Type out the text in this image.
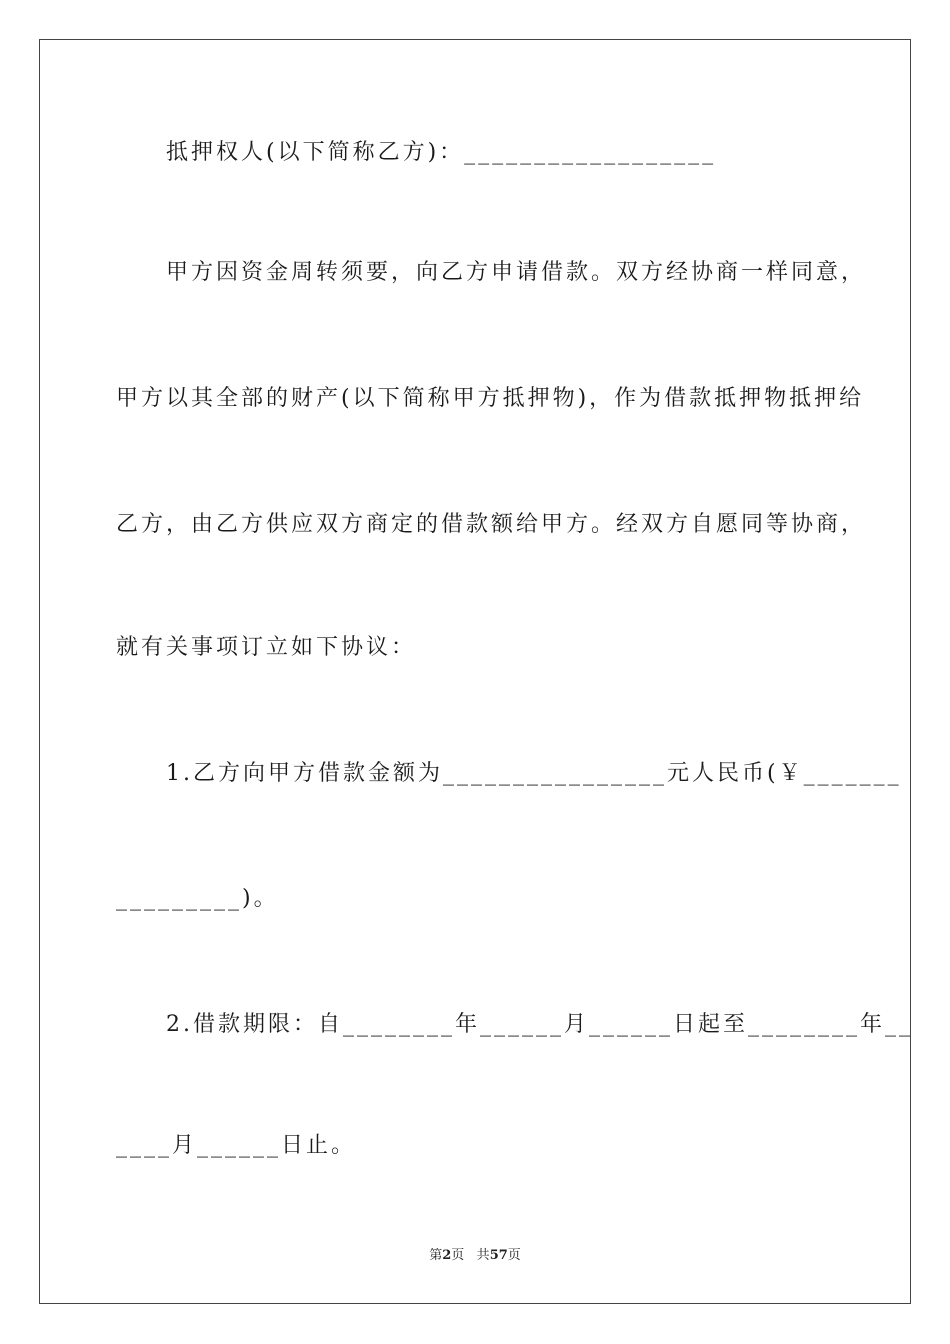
抵押权人(以下简称乙方)：__________________
甲方因资金周转须要，向乙方申请借款。双方经协商一样同意，
甲方以其全部的财产(以下简称甲方抵押物)，作为借款抵押物抵押给
乙方，由乙方供应双方商定的借款额给甲方。经双方自愿同等协商，
就有关事项订立如下协议：
1.乙方向甲方借款金额为________________元人民币(￥_______
_________)。
2.借款期限：自________年______月______日起至________年__
____月______日止。
第2页 共57页
